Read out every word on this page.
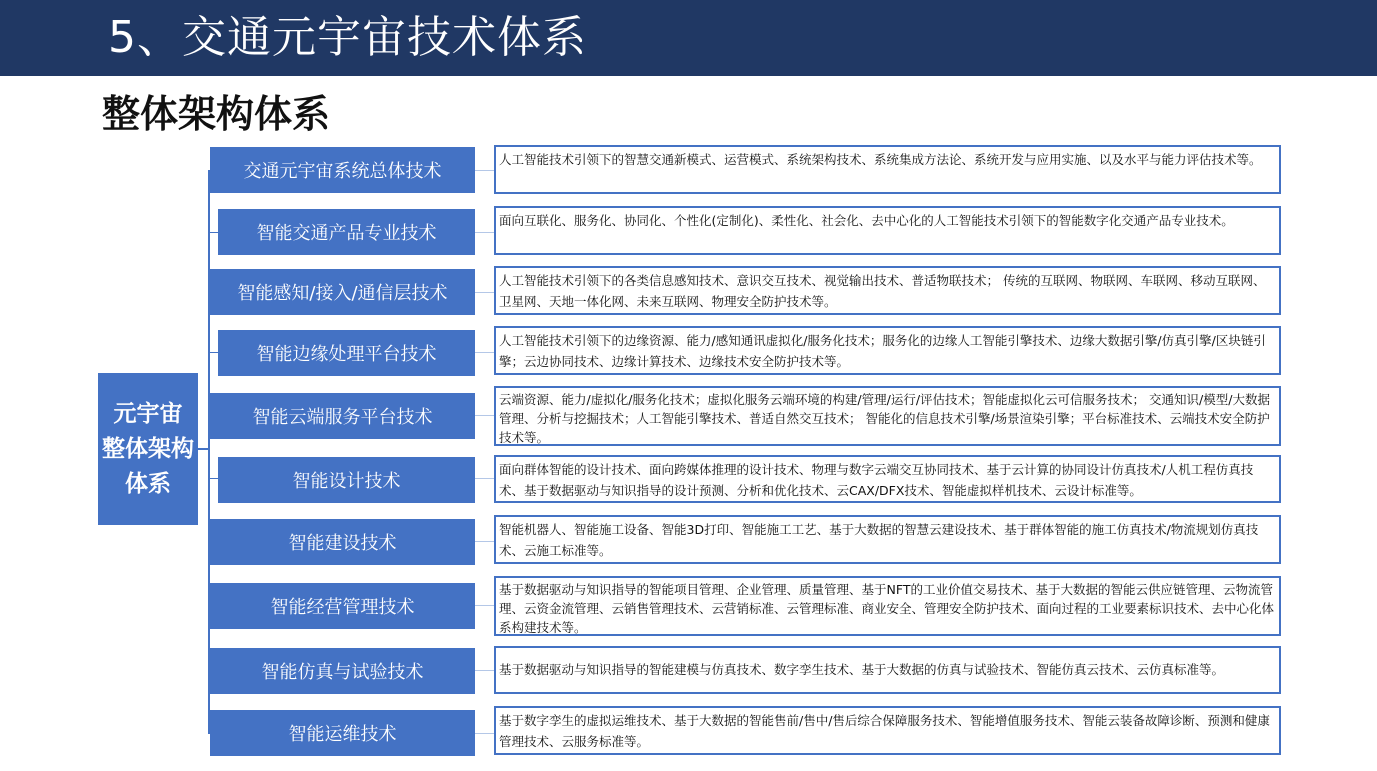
5、交通元宇宙技术体系
整体架构体系
元宇宙
整体架构
体系
交通元宇宙系统总体技术
人工智能技术引领下的智慧交通新模式、运营模式、系统架构技术、系统集成方法论、系统开发与应用实施、以及水平与能力评估技术等。
智能交通产品专业技术
面向互联化、服务化、协同化、个性化(定制化)、柔性化、社会化、去中心化的人工智能技术引领下的智能数字化交通产品专业技术。
智能感知/接入/通信层技术
人工智能技术引领下的各类信息感知技术、意识交互技术、视觉输出技术、普适物联技术； 传统的互联网、物联网、车联网、移动互联网、卫星网、天地一体化网、未来互联网、物理安全防护技术等。
智能边缘处理平台技术
人工智能技术引领下的边缘资源、能力/感知通讯虚拟化/服务化技术；服务化的边缘人工智能引擎技术、边缘大数据引擎/仿真引擎/区块链引擎；云边协同技术、边缘计算技术、边缘技术安全防护技术等。
智能云端服务平台技术
云端资源、能力/虚拟化/服务化技术；虚拟化服务云端环境的构建/管理/运行/评估技术；智能虚拟化云可信服务技术； 交通知识/模型/大数据管理、分析与挖掘技术；人工智能引擎技术、普适自然交互技术； 智能化的信息技术引擎/场景渲染引擎；平台标准技术、云端技术安全防护技术等。
智能设计技术
面向群体智能的设计技术、面向跨媒体推理的设计技术、物理与数字云端交互协同技术、基于云计算的协同设计仿真技术/人机工程仿真技术、基于数据驱动与知识指导的设计预测、分析和优化技术、云CAX/DFX技术、智能虚拟样机技术、云设计标准等。
智能建设技术
智能机器人、智能施工设备、智能3D打印、智能施工工艺、基于大数据的智慧云建设技术、基于群体智能的施工仿真技术/物流规划仿真技术、云施工标准等。
智能经营管理技术
基于数据驱动与知识指导的智能项目管理、企业管理、质量管理、基于NFT的工业价值交易技术、基于大数据的智能云供应链管理、云物流管理、云资金流管理、云销售管理技术、云营销标准、云管理标准、商业安全、管理安全防护技术、面向过程的工业要素标识技术、去中心化体系构建技术等。
智能仿真与试验技术	基于数据驱动与知识指导的智能建模与仿真技术、数字孪生技术、基于大数据的仿真与试验技术、智能仿真云技术、云仿真标准等。
智能运维技术
基于数字孪生的虚拟运维技术、基于大数据的智能售前/售中/售后综合保障服务技术、智能增值服务技术、智能云装备故障诊断、预测和健康管理技术、云服务标准等。
